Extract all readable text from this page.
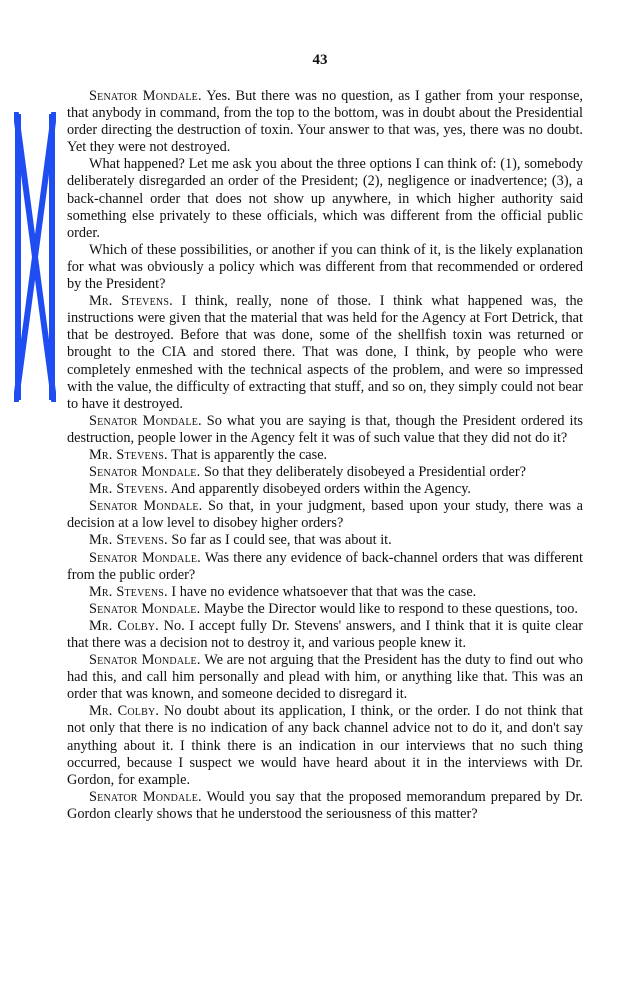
43

Senator Mondale. Yes. But there was no question, as I gather from your response, that anybody in command, from the top to the bottom, was in doubt about the Presidential order directing the destruction of toxin. Your answer to that was, yes, there was no doubt. Yet they were not destroyed.

What happened? Let me ask you about the three options I can think of: (1), somebody deliberately disregarded an order of the President; (2), negligence or inadvertence; (3), a back-channel order that does not show up anywhere, in which higher authority said something else privately to these officials, which was different from the official public order.

Which of these possibilities, or another if you can think of it, is the likely explanation for what was obviously a policy which was different from that recommended or ordered by the President?

Mr. Stevens. I think, really, none of those. I think what happened was, the instructions were given that the material that was held for the Agency at Fort Detrick, that that be destroyed. Before that was done, some of the shellfish toxin was returned or brought to the CIA and stored there. That was done, I think, by people who were completely enmeshed with the technical aspects of the problem, and were so impressed with the value, the difficulty of extracting that stuff, and so on, they simply could not bear to have it destroyed.

Senator Mondale. So what you are saying is that, though the President ordered its destruction, people lower in the Agency felt it was of such value that they did not do it?

Mr. Stevens. That is apparently the case.

Senator Mondale. So that they deliberately disobeyed a Presidential order?

Mr. Stevens. And apparently disobeyed orders within the Agency.

Senator Mondale. So that, in your judgment, based upon your study, there was a decision at a low level to disobey higher orders?

Mr. Stevens. So far as I could see, that was about it.

Senator Mondale. Was there any evidence of back-channel orders that was different from the public order?

Mr. Stevens. I have no evidence whatsoever that that was the case.

Senator Mondale. Maybe the Director would like to respond to these questions, too.

Mr. Colby. No. I accept fully Dr. Stevens' answers, and I think that it is quite clear that there was a decision not to destroy it, and various people knew it.

Senator Mondale. We are not arguing that the President has the duty to find out who had this, and call him personally and plead with him, or anything like that. This was an order that was known, and someone decided to disregard it.

Mr. Colby. No doubt about its application, I think, or the order. I do not think that not only that there is no indication of any back channel advice not to do it, and don't say anything about it. I think there is an indication in our interviews that no such thing occurred, because I suspect we would have heard about it in the interviews with Dr. Gordon, for example.

Senator Mondale. Would you say that the proposed memorandum prepared by Dr. Gordon clearly shows that he understood the seriousness of this matter?
